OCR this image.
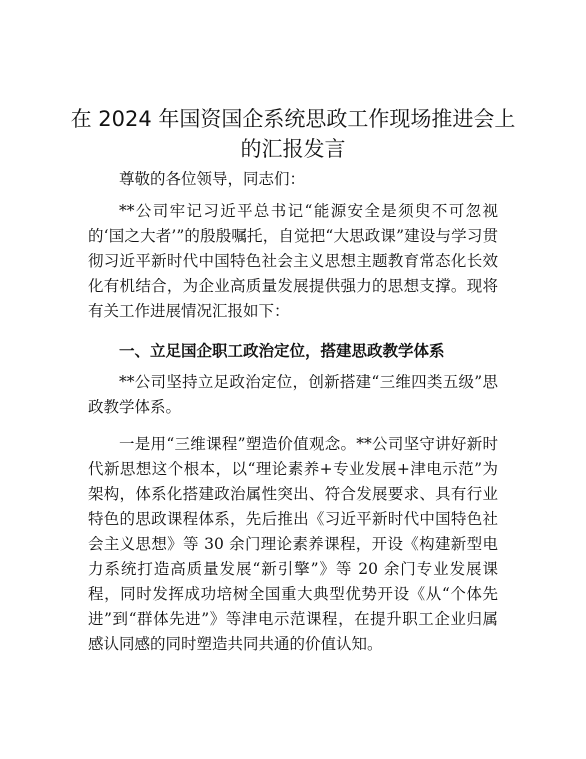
在 2024 年国资国企系统思政工作现场推进会上
的汇报发言

尊敬的各位领导，同志们：

**公司牢记习近平总书记“能源安全是须臾不可忽视的‘国之大者’”的殷殷嘱托，自觉把“大思政课”建设与学习贯彻习近平新时代中国特色社会主义思想主题教育常态化长效化有机结合，为企业高质量发展提供强力的思想支撑。现将有关工作进展情况汇报如下：

一、立足国企职工政治定位，搭建思政教学体系

**公司坚持立足政治定位，创新搭建“三维四类五级”思政教学体系。

一是用“三维课程”塑造价值观念。**公司坚守讲好新时代新思想这个根本，以“理论素养+专业发展+津电示范”为架构，体系化搭建政治属性突出、符合发展要求、具有行业特色的思政课程体系，先后推出《习近平新时代中国特色社会主义思想》等 30 余门理论素养课程，开设《构建新型电力系统打造高质量发展“新引擎”》等 20 余门专业发展课程，同时发挥成功培树全国重大典型优势开设《从“个体先进”到“群体先进”》等津电示范课程，在提升职工企业归属感认同感的同时塑造共同共通的价值认知。
